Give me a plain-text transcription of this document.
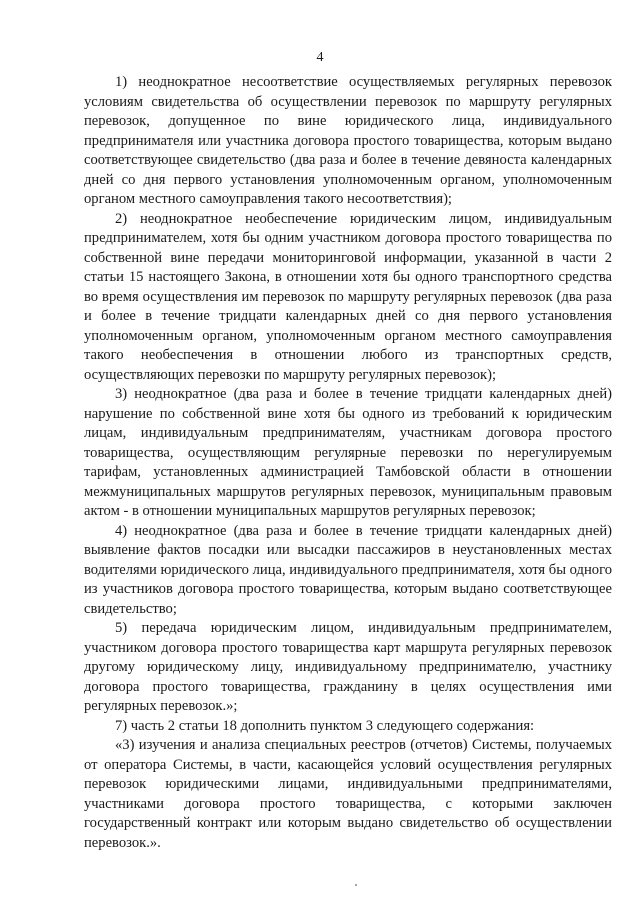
4

1) неоднократное несоответствие осуществляемых регулярных перевозок условиям свидетельства об осуществлении перевозок по маршруту регулярных перевозок, допущенное по вине юридического лица, индивидуального предпринимателя или участника договора простого товарищества, которым выдано соответствующее свидетельство (два раза и более в течение девяноста календарных дней со дня первого установления уполномоченным органом, уполномоченным органом местного самоуправления такого несоответствия);

2) неоднократное необеспечение юридическим лицом, индивидуальным предпринимателем, хотя бы одним участником договора простого товарищества по собственной вине передачи мониторинговой информации, указанной в части 2 статьи 15 настоящего Закона, в отношении хотя бы одного транспортного средства во время осуществления им перевозок по маршруту регулярных перевозок (два раза и более в течение тридцати календарных дней со дня первого установления уполномоченным органом, уполномоченным органом местного самоуправления такого необеспечения в отношении любого из транспортных средств, осуществляющих перевозки по маршруту регулярных перевозок);

3) неоднократное (два раза и более в течение тридцати календарных дней) нарушение по собственной вине хотя бы одного из требований к юридическим лицам, индивидуальным предпринимателям, участникам договора простого товарищества, осуществляющим регулярные перевозки по нерегулируемым тарифам, установленных администрацией Тамбовской области в отношении межмуниципальных маршрутов регулярных перевозок, муниципальным правовым актом - в отношении муниципальных маршрутов регулярных перевозок;

4) неоднократное (два раза и более в течение тридцати календарных дней) выявление фактов посадки или высадки пассажиров в неустановленных местах водителями юридического лица, индивидуального предпринимателя, хотя бы одного из участников договора простого товарищества, которым выдано соответствующее свидетельство;

5) передача юридическим лицом, индивидуальным предпринимателем, участником договора простого товарищества карт маршрута регулярных перевозок другому юридическому лицу, индивидуальному предпринимателю, участнику договора простого товарищества, гражданину в целях осуществления ими регулярных перевозок.»;

7) часть 2 статьи 18 дополнить пунктом 3 следующего содержания:

«3) изучения и анализа специальных реестров (отчетов) Системы, получаемых от оператора Системы, в части, касающейся условий осуществления регулярных перевозок юридическими лицами, индивидуальными предпринимателями, участниками договора простого товарищества, с которыми заключен государственный контракт или которым выдано свидетельство об осуществлении перевозок.».
